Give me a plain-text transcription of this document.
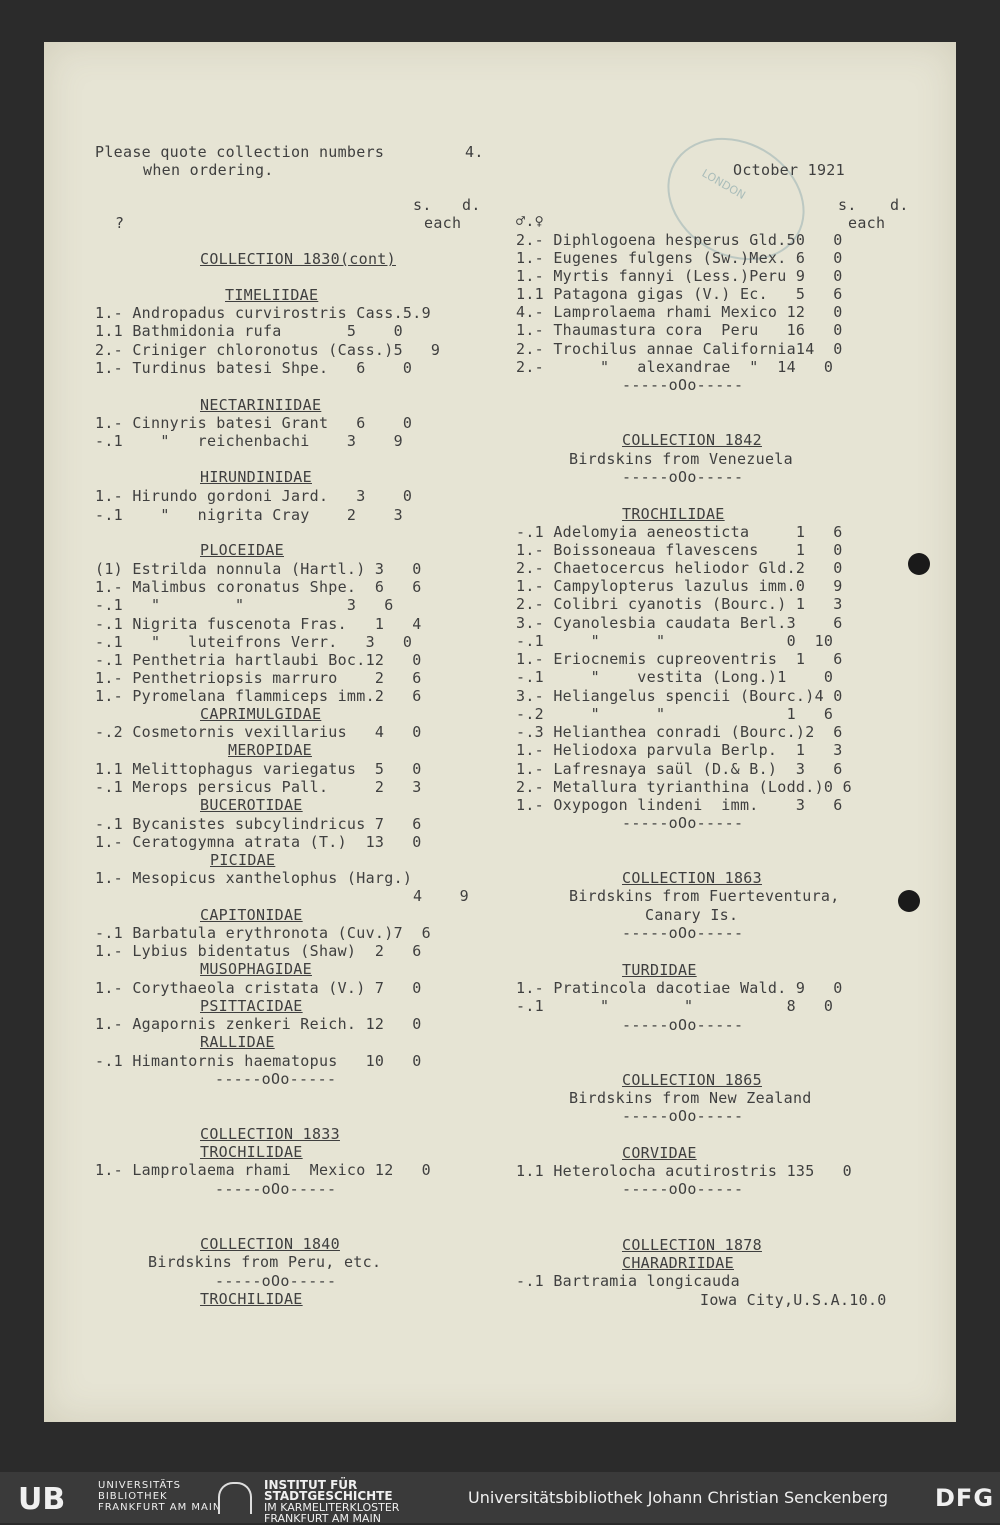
LONDON
Please quote collection numbers
when ordering.
4.
October 1921
s. d.
each
?
s. d.
each
♂.♀
COLLECTION 1830(cont)
TIMELIIDAE
1.- Andropadus curvirostris Cass.5.9
1.1 Bathmidonia rufa       5    0
2.- Criniger chloronotus (Cass.)5   9
1.- Turdinus batesi Shpe.   6    0
NECTARINIIDAE
1.- Cinnyris batesi Grant   6    0
-.1    "   reichenbachi    3    9
HIRUNDINIDAE
1.- Hirundo gordoni Jard.   3    0
-.1    "   nigrita Cray    2    3
PLOCEIDAE
(1) Estrilda nonnula (Hartl.) 3   0
1.- Malimbus coronatus Shpe.  6   6
-.1   "        "           3   6
-.1 Nigrita fuscenota Fras.   1   4
-.1   "   luteifrons Verr.   3   0
-.1 Penthetria hartlaubi Boc.12   0
1.- Penthetriopsis marruro    2   6
1.- Pyromelana flammiceps imm.2   6
CAPRIMULGIDAE
-.2 Cosmetornis vexillarius   4   0
MEROPIDAE
1.1 Melittophagus variegatus  5   0
-.1 Merops persicus Pall.     2   3
BUCEROTIDAE
-.1 Bycanistes subcylindricus 7   6
1.- Ceratogymna atrata (T.)  13   0
PICIDAE
1.- Mesopicus xanthelophus (Harg.)
4    9
CAPITONIDAE
-.1 Barbatula erythronota (Cuv.)7  6
1.- Lybius bidentatus (Shaw)  2   6
MUSOPHAGIDAE
1.- Corythaeola cristata (V.) 7   0
PSITTACIDAE
1.- Agapornis zenkeri Reich. 12   0
RALLIDAE
-.1 Himantornis haematopus   10   0
-----oOo-----
COLLECTION 1833
TROCHILIDAE
1.- Lamprolaema rhami  Mexico 12   0
-----oOo-----
COLLECTION 1840
Birdskins from Peru, etc.
-----oOo-----
TROCHILIDAE
2.- Diphlogoena hesperus Gld.50   0
1.- Eugenes fulgens (Sw.)Mex. 6   0
1.- Myrtis fannyi (Less.)Peru 9   0
1.1 Patagona gigas (V.) Ec.   5   6
4.- Lamprolaema rhami Mexico 12   0
1.- Thaumastura cora  Peru   16   0
2.- Trochilus annae California14  0
2.-      "   alexandrae  "  14   0
-----oOo-----
COLLECTION 1842
Birdskins from Venezuela
-----oOo-----
TROCHILIDAE
-.1 Adelomyia aeneosticta     1   6
1.- Boissoneaua flavescens    1   0
2.- Chaetocercus heliodor Gld.2   0
1.- Campylopterus lazulus imm.0   9
2.- Colibri cyanotis (Bourc.) 1   3
3.- Cyanolesbia caudata Berl.3    6
-.1     "      "             0  10
1.- Eriocnemis cupreoventris  1   6
-.1     "    vestita (Long.)1    0
3.- Heliangelus spencii (Bourc.)4 0
-.2     "      "             1   6
-.3 Helianthea conradi (Bourc.)2  6
1.- Heliodoxa parvula Berlp.  1   3
1.- Lafresnaya saül (D.& B.)  3   6
2.- Metallura tyrianthina (Lodd.)0 6
1.- Oxypogon lindeni  imm.    3   6
-----oOo-----
COLLECTION 1863
Birdskins from Fuerteventura,
Canary Is.
-----oOo-----
TURDIDAE
1.- Pratincola dacotiae Wald. 9   0
-.1      "        "          8   0
-----oOo-----
COLLECTION 1865
Birdskins from New Zealand
-----oOo-----
CORVIDAE
1.1 Heterolocha acutirostris 135   0
-----oOo-----
COLLECTION 1878
CHARADRIIDAE
-.1 Bartramia longicauda
Iowa City,U.S.A.10.0
UB	UNIVERSITÄTS
BIBLIOTHEK
FRANKFURT AM MAIN
INSTITUT FÜR
STADTGESCHICHTE
IM KARMELITERKLOSTER
FRANKFURT AM MAIN
Universitätsbibliothek Johann Christian Senckenberg DFG
